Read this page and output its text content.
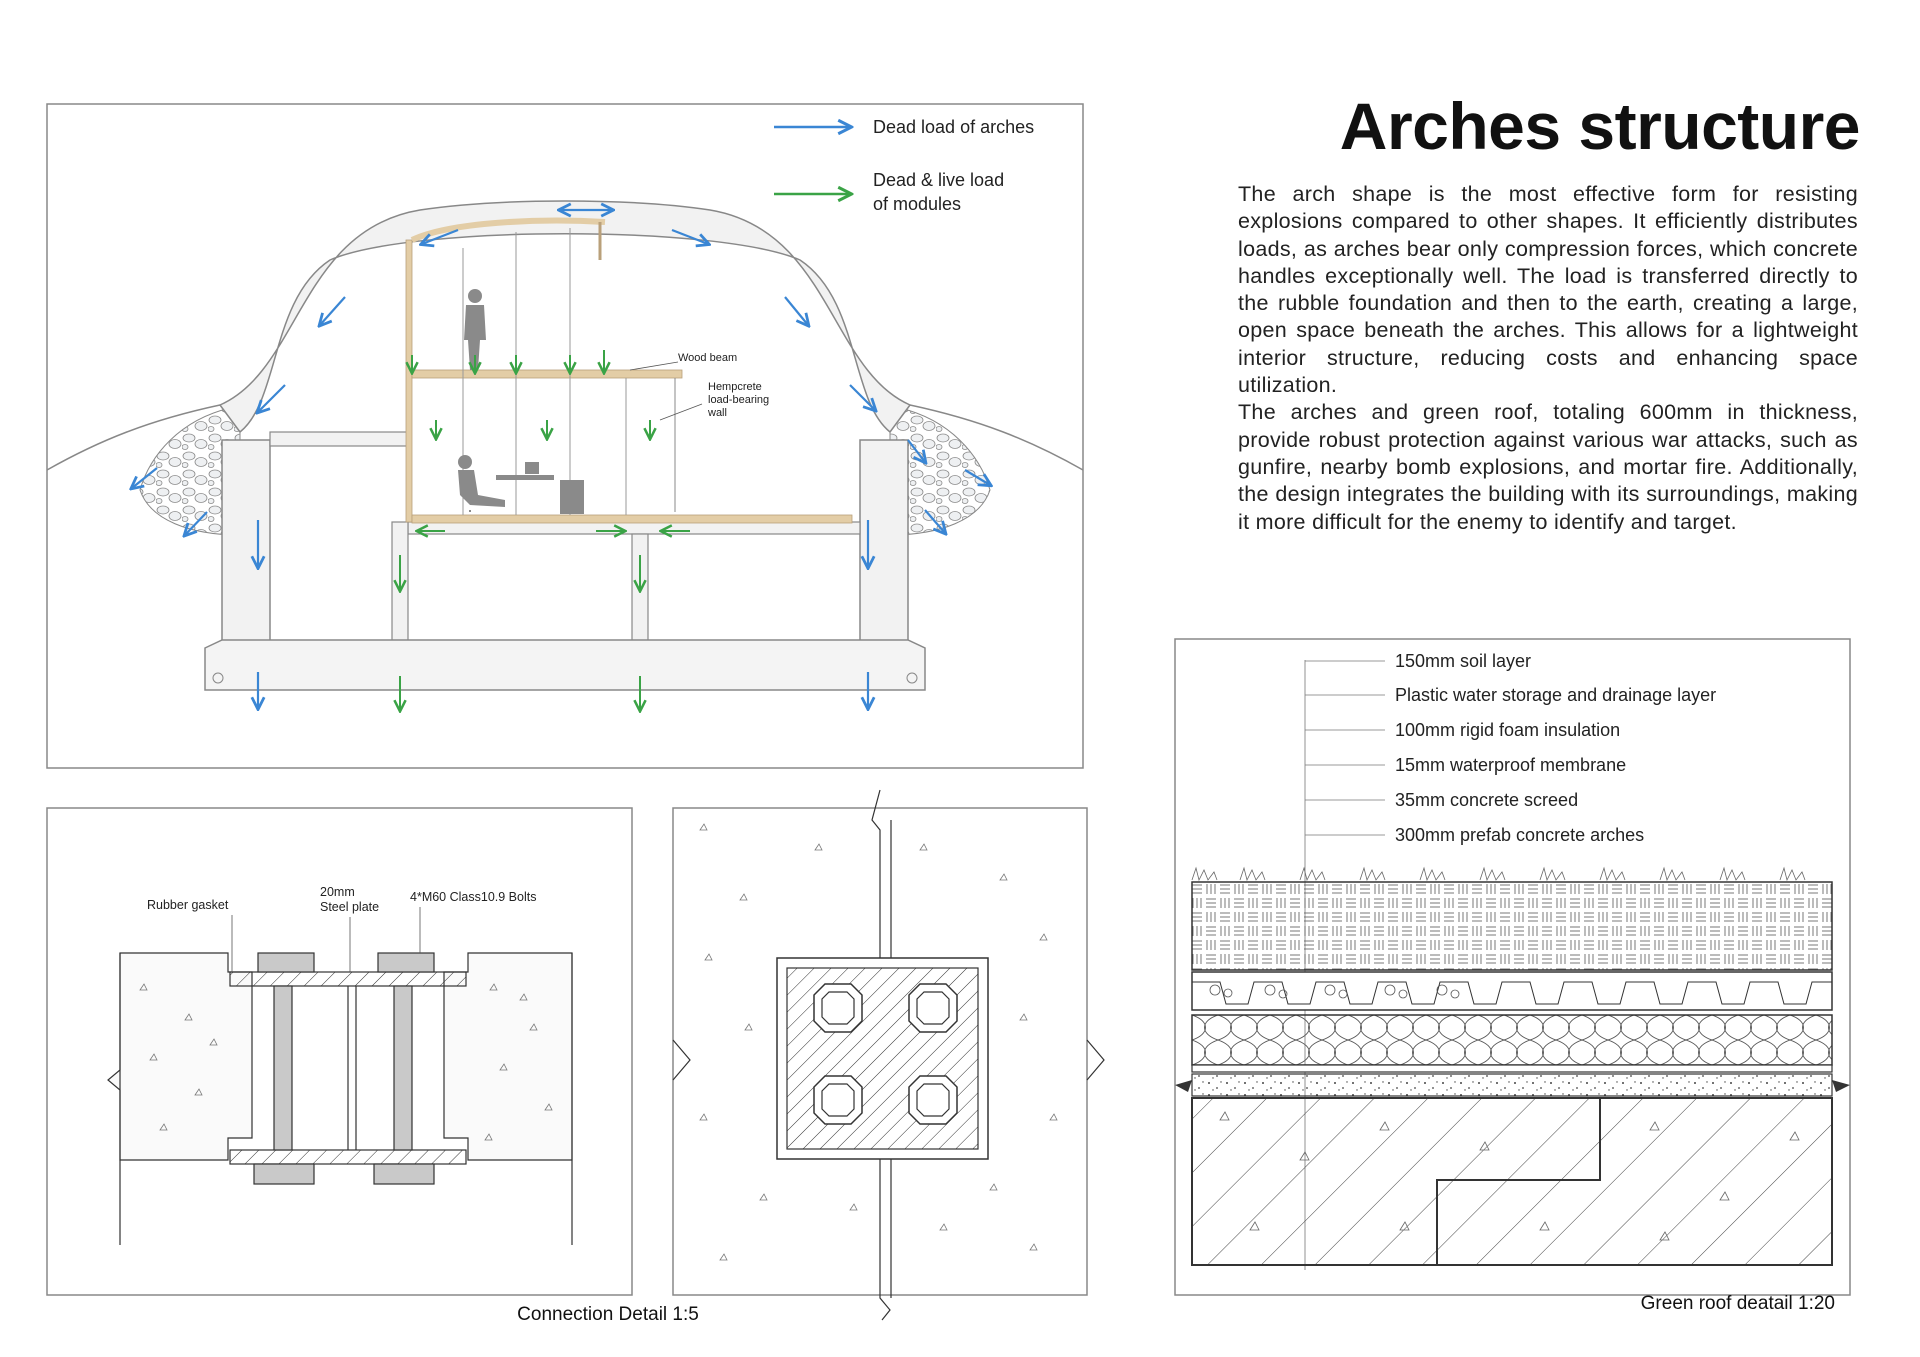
Arches structure

The arch shape is the most effective form for resisting explosions compared to other shapes. It efficiently distributes loads, as arches bear only compression forces, which concrete handles exceptionally well. The load is transferred directly to the rubble foundation and then to the earth, creating a large, open space beneath the arches. This allows for a lightweight interior structure, reducing costs and enhancing space utilization.

The arches and green roof, totaling 600mm in thickness, provide robust protection against various war attacks, such as gunfire, nearby bomb explosions, and mortar fire. Additionally, the design integrates the building with its surroundings, making it more difficult for the enemy to identify and target.

Wood beam
Hempcrete
load-bearing
wall
Dead load of arches
Dead & live load
of modules
Rubber gasket
20mm
Steel plate
4*M60 Class10.9 Bolts
Connection Detail 1:5
150mm soil layer
Plastic water storage and drainage layer
100mm rigid foam insulation
15mm waterproof membrane
35mm concrete screed
300mm prefab concrete arches
Green roof deatail 1:20
